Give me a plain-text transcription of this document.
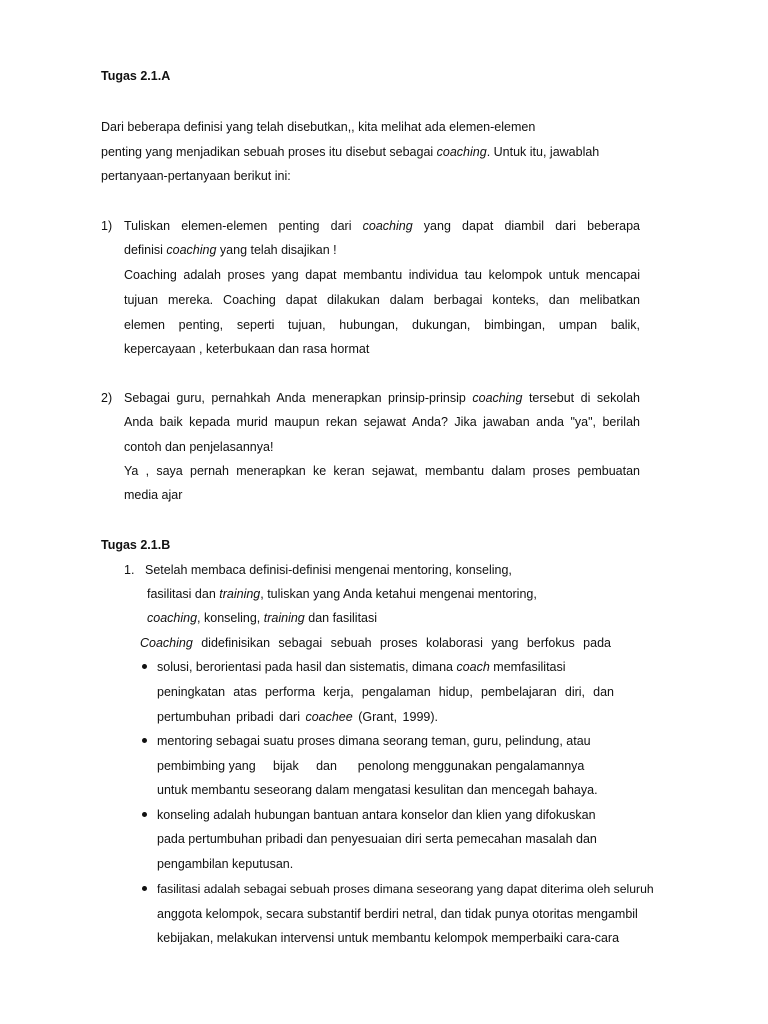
Tugas 2.1.A
Dari beberapa definisi yang telah disebutkan,, kita melihat ada elemen-elemen
penting yang menjadikan sebuah proses itu disebut sebagai coaching. Untuk itu, jawablah
pertanyaan-pertanyaan berikut ini:
1) Tuliskan elemen-elemen penting dari coaching yang dapat diambil dari beberapa
definisi coaching yang telah disajikan !
Coaching adalah proses yang dapat membantu individua tau kelompok untuk mencapai
tujuan mereka. Coaching dapat dilakukan dalam berbagai konteks, dan melibatkan
elemen penting, seperti tujuan, hubungan, dukungan, bimbingan, umpan balik,
kepercayaan , keterbukaan dan rasa hormat
2) Sebagai guru, pernahkah Anda menerapkan prinsip-prinsip coaching tersebut di sekolah
Anda baik kepada murid maupun rekan sejawat Anda? Jika jawaban anda "ya", berilah
contoh dan penjelasannya!
Ya , saya pernah menerapkan ke keran sejawat, membantu dalam proses pembuatan
media ajar
Tugas 2.1.B
1. Setelah membaca definisi-definisi mengenai mentoring, konseling,
fasilitasi dan training, tuliskan yang Anda ketahui mengenai mentoring,
coaching, konseling, training dan fasilitasi
Coaching didefinisikan sebagai sebuah proses kolaborasi yang berfokus pada
solusi, berorientasi pada hasil dan sistematis, dimana coach memfasilitasi
peningkatan atas performa kerja, pengalaman hidup, pembelajaran diri, dan
pertumbuhan pribadi dari coachee (Grant, 1999).
mentoring sebagai suatu proses dimana seorang teman, guru, pelindung, atau
pembimbing yang     bijak     dan      penolong menggunakan pengalamannya
untuk membantu seseorang dalam mengatasi kesulitan dan mencegah bahaya.
konseling adalah hubungan bantuan antara konselor dan klien yang difokuskan
pada pertumbuhan pribadi dan penyesuaian diri serta pemecahan masalah dan
pengambilan keputusan.
fasilitasi adalah sebagai sebuah proses dimana seseorang yang dapat diterima oleh seluruh
anggota kelompok, secara substantif berdiri netral, dan tidak punya otoritas mengambil
kebijakan, melakukan intervensi untuk membantu kelompok memperbaiki cara-cara
